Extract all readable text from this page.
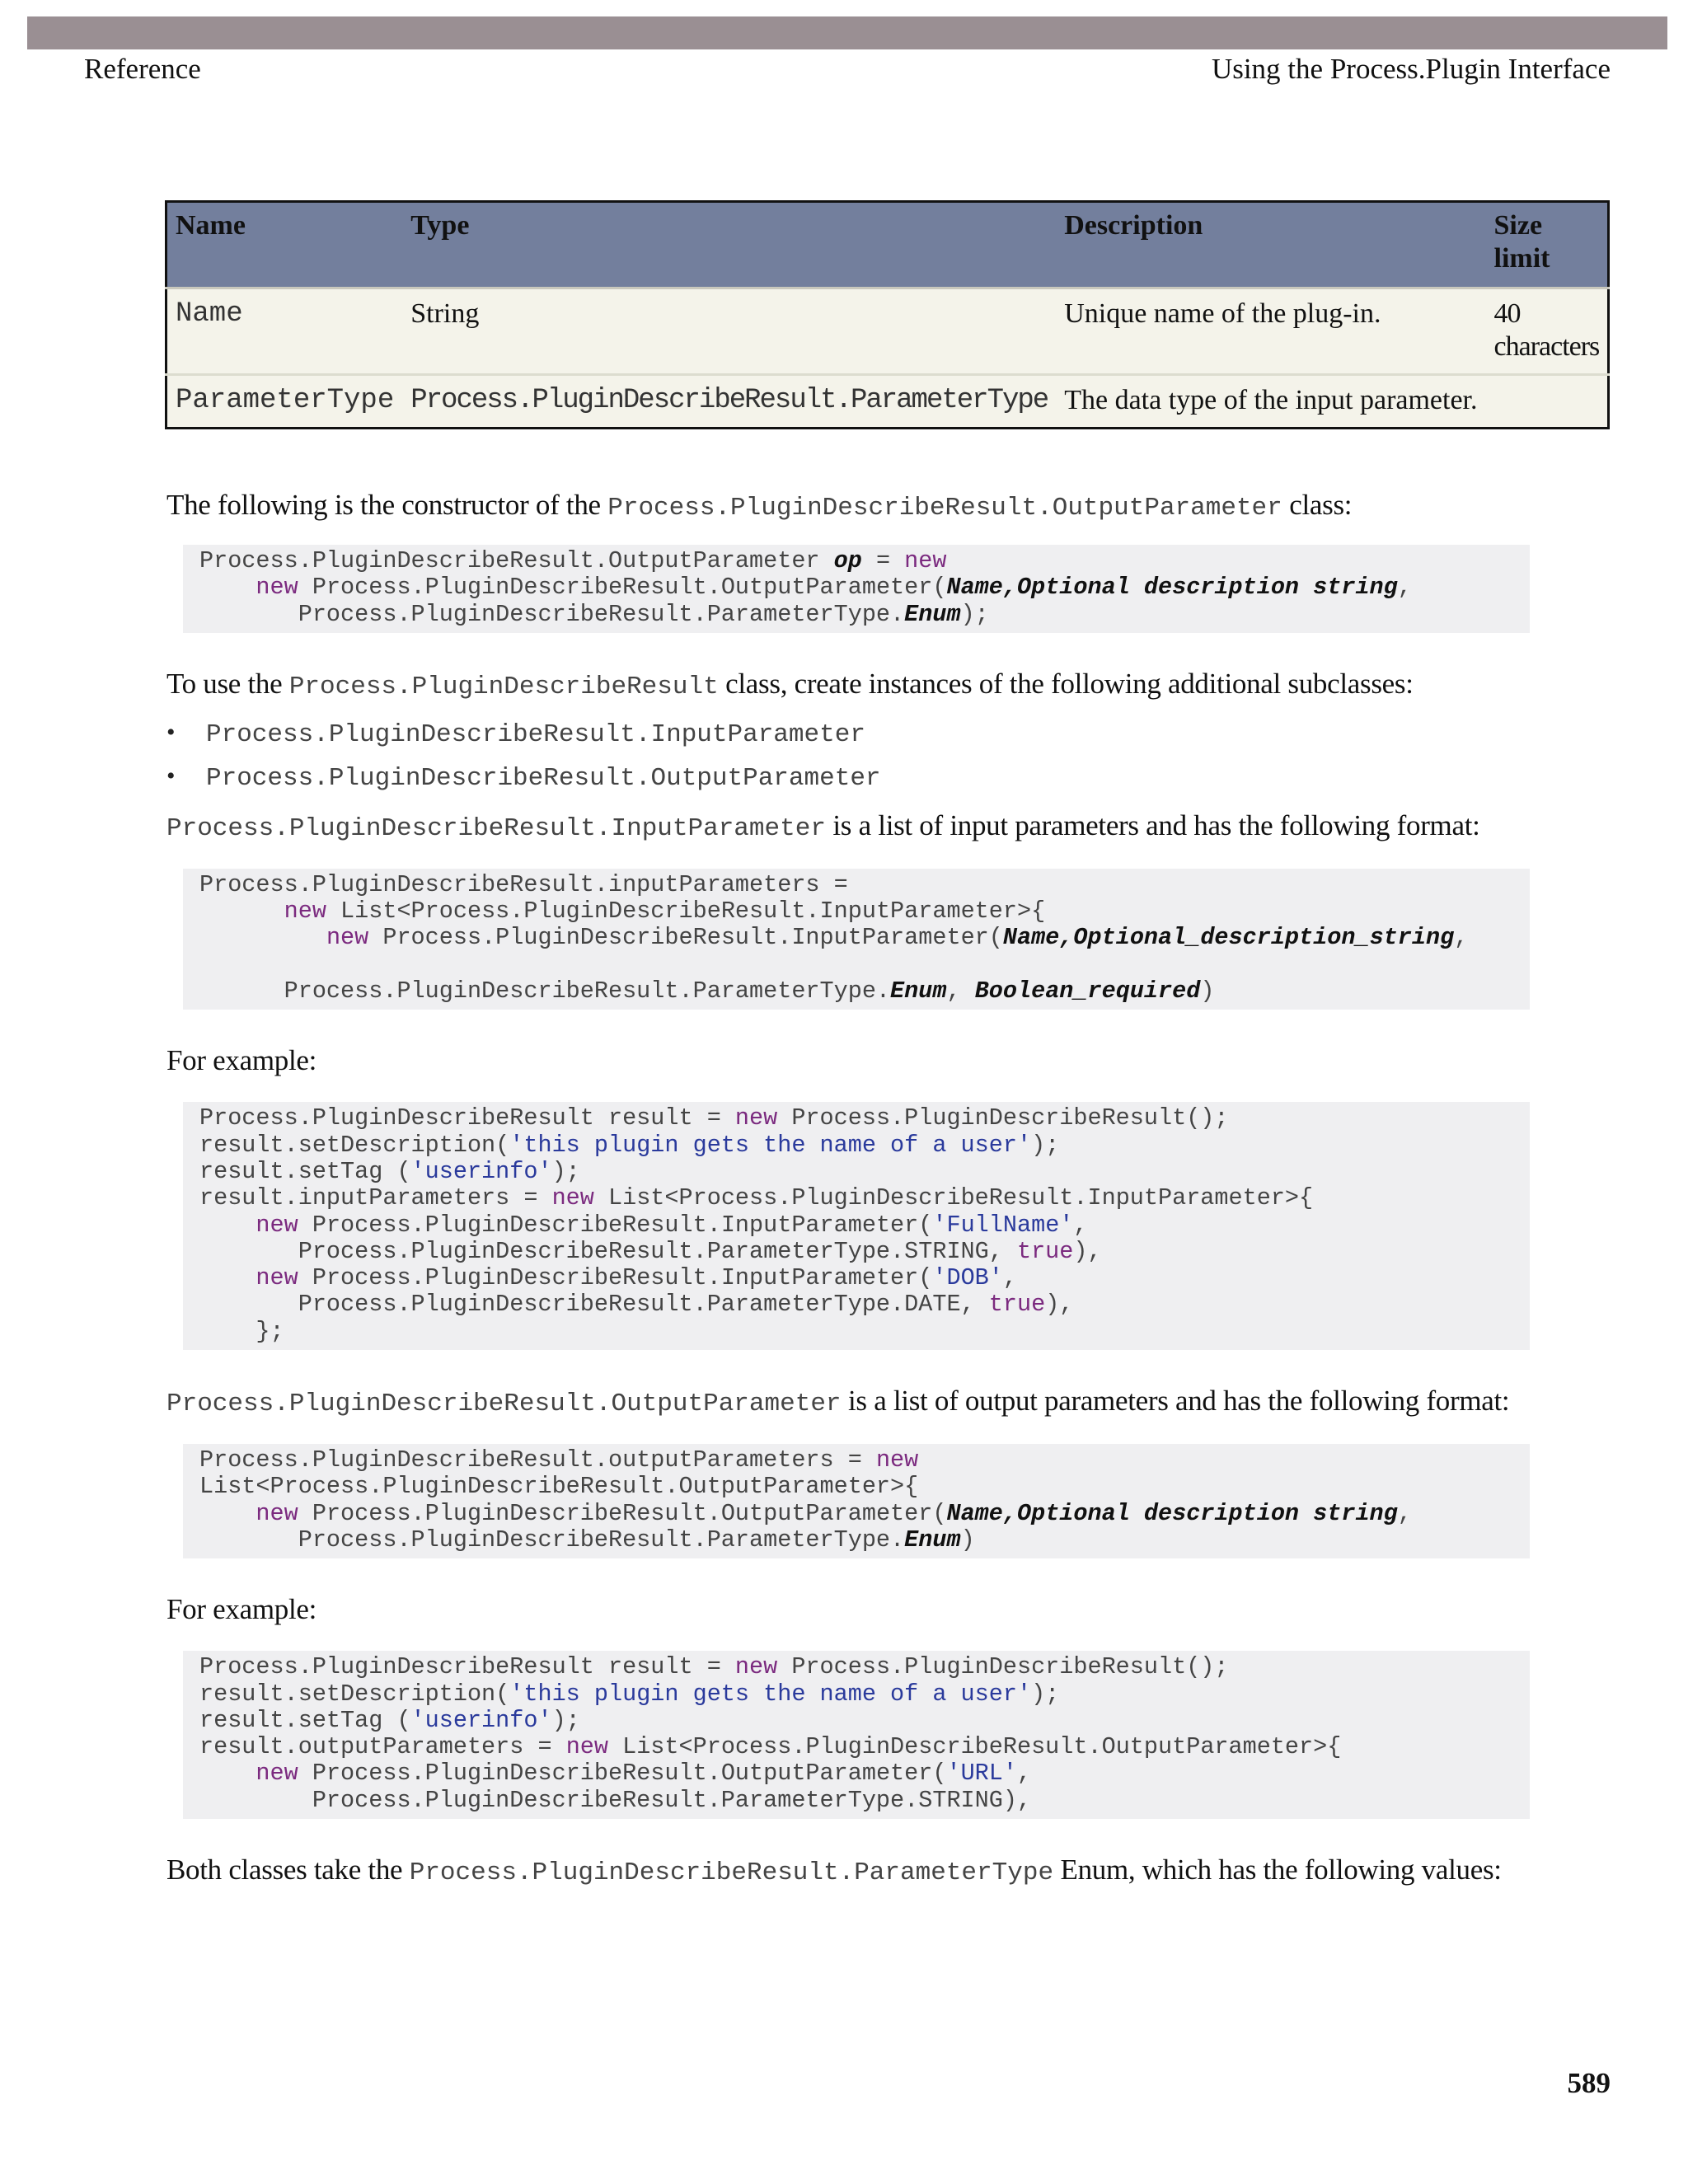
Reference	Using the Process.Plugin Interface
Name	Type	Description	Size limit
Name	String	Unique name of the plug-in.	40 characters
ParameterType	Process.PluginDescribeResult.ParameterType	The data type of the input parameter.	

The following is the constructor of the Process.PluginDescribeResult.OutputParameter class:

Process.PluginDescribeResult.OutputParameter op = new
new Process.PluginDescribeResult.OutputParameter(Name,Optional description string,
Process.PluginDescribeResult.ParameterType.Enum);

To use the Process.PluginDescribeResult class, create instances of the following additional subclasses:

• Process.PluginDescribeResult.InputParameter
• Process.PluginDescribeResult.OutputParameter

Process.PluginDescribeResult.InputParameter is a list of input parameters and has the following format:

Process.PluginDescribeResult.inputParameters =
new List<Process.PluginDescribeResult.InputParameter>{
new Process.PluginDescribeResult.InputParameter(Name,Optional_description_string,

Process.PluginDescribeResult.ParameterType.Enum, Boolean_required)

For example:

Process.PluginDescribeResult result = new Process.PluginDescribeResult();
result.setDescription('this plugin gets the name of a user');
result.setTag ('userinfo');
result.inputParameters = new List<Process.PluginDescribeResult.InputParameter>{
new Process.PluginDescribeResult.InputParameter('FullName',
Process.PluginDescribeResult.ParameterType.STRING, true),
new Process.PluginDescribeResult.InputParameter('DOB',
Process.PluginDescribeResult.ParameterType.DATE, true),
};

Process.PluginDescribeResult.OutputParameter is a list of output parameters and has the following format:

Process.PluginDescribeResult.outputParameters = new
List<Process.PluginDescribeResult.OutputParameter>{
new Process.PluginDescribeResult.OutputParameter(Name,Optional description string,
Process.PluginDescribeResult.ParameterType.Enum)

For example:

Process.PluginDescribeResult result = new Process.PluginDescribeResult();
result.setDescription('this plugin gets the name of a user');
result.setTag ('userinfo');
result.outputParameters = new List<Process.PluginDescribeResult.OutputParameter>{
new Process.PluginDescribeResult.OutputParameter('URL',
Process.PluginDescribeResult.ParameterType.STRING),

Both classes take the Process.PluginDescribeResult.ParameterType Enum, which has the following values:

589
